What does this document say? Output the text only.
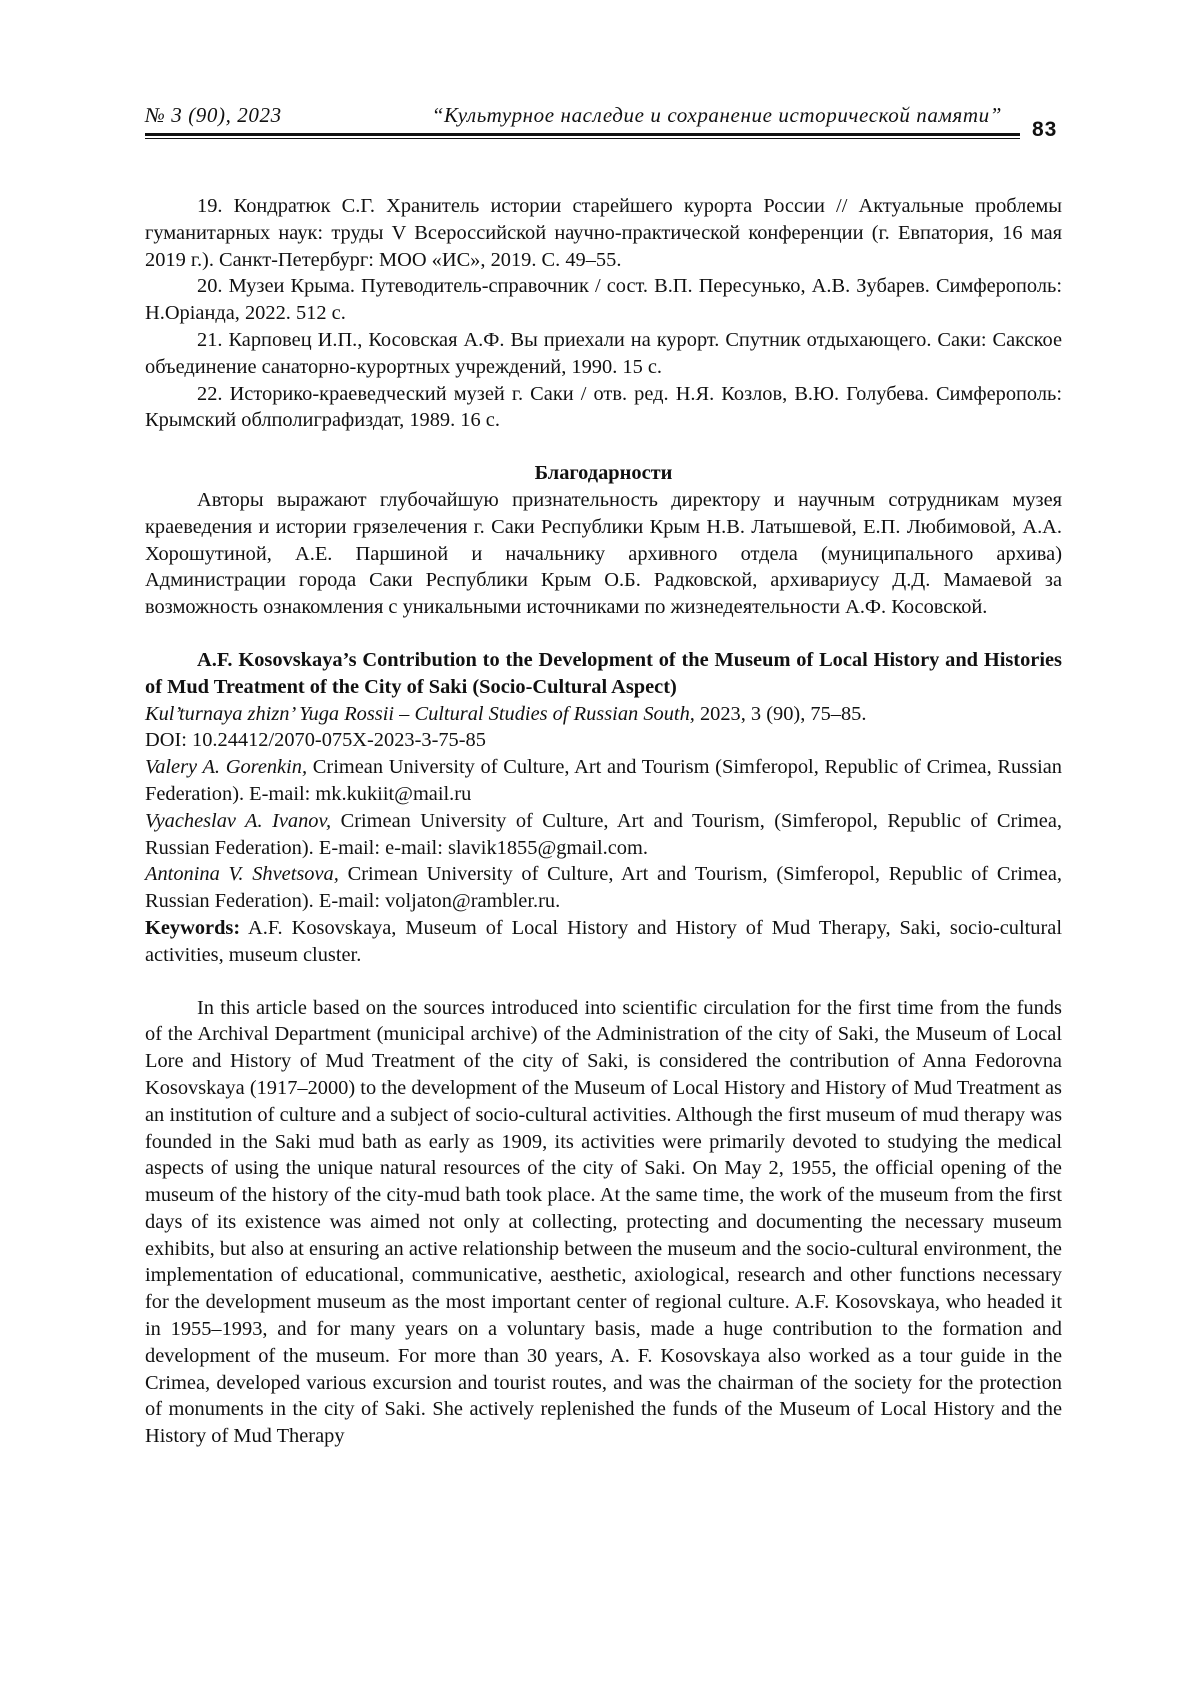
№ 3 (90), 2023	“Культурное наследие и сохранение исторической памяти”
83

19. Кондратюк С.Г. Хранитель истории старейшего курорта России // Актуальные проблемы гуманитарных наук: труды V Всероссийской научно-практической конференции (г. Евпатория, 16 мая 2019 г.). Санкт-Петербург: МОО «ИС», 2019. С. 49–55.

20. Музеи Крыма. Путеводитель-справочник / сост. В.П. Пересунько, А.В. Зубарев. Симферополь: Н.Орiанда, 2022. 512 с.

21. Карповец И.П., Косовская А.Ф. Вы приехали на курорт. Спутник отдыхающего. Саки: Сакское объединение санаторно-курортных учреждений, 1990. 15 с.

22. Историко-краеведческий музей г. Саки / отв. ред. Н.Я. Козлов, В.Ю. Голубева. Симферополь: Крымский облполиграфиздат, 1989. 16 с.

Благодарности

Авторы выражают глубочайшую признательность директору и научным сотрудникам музея краеведения и истории грязелечения г. Саки Республики Крым Н.В. Латышевой, Е.П. Любимовой, А.А. Хорошутиной, А.Е. Паршиной и начальнику архивного отдела (муниципального архива) Администрации города Саки Республики Крым О.Б. Радковской, архивариусу Д.Д. Мамаевой за возможность ознакомления с уникальными источниками по жизнедеятельности А.Ф. Косовской.

A.F. Kosovskaya’s Contribution to the Development of the Museum of Local History and Histories of Mud Treatment of the City of Saki (Socio-Cultural Aspect)

Kul’turnaya zhizn’ Yuga Rossii – Cultural Studies of Russian South, 2023, 3 (90), 75–85.

DOI: 10.24412/2070-075X-2023-3-75-85

Valery A. Gorenkin, Crimean University of Culture, Art and Tourism (Simferopol, Republic of Crimea, Russian Federation). E-mail: mk.kukiit@mail.ru

Vyacheslav A. Ivanov, Crimean University of Culture, Art and Tourism, (Simferopol, Republic of Crimea, Russian Federation). E-mail: e-mail: slavik1855@gmail.com.

Antonina V. Shvetsova, Crimean University of Culture, Art and Tourism, (Simferopol, Republic of Crimea, Russian Federation). E-mail: voljaton@rambler.ru.

Keywords: A.F. Kosovskaya, Museum of Local History and History of Mud Therapy, Saki, socio-cultural activities, museum cluster.

In this article based on the sources introduced into scientific circulation for the first time from the funds of the Archival Department (municipal archive) of the Administration of the city of Saki, the Museum of Local Lore and History of Mud Treatment of the city of Saki, is considered the contribution of Anna Fedorovna Kosovskaya (1917–2000) to the development of the Museum of Local History and History of Mud Treatment as an institution of culture and a subject of socio-cultural activities. Although the first museum of mud therapy was founded in the Saki mud bath as early as 1909, its activities were primarily devoted to studying the medical aspects of using the unique natural resources of the city of Saki. On May 2, 1955, the official opening of the museum of the history of the city-mud bath took place. At the same time, the work of the museum from the first days of its existence was aimed not only at collecting, protecting and documenting the necessary museum exhibits, but also at ensuring an active relationship between the museum and the socio-cultural environment, the implementation of educational, communicative, aesthetic, axiological, research and other functions necessary for the development museum as the most important center of regional culture. A.F. Kosovskaya, who headed it in 1955–1993, and for many years on a voluntary basis, made a huge contribution to the formation and development of the museum. For more than 30 years, A. F. Kosovskaya also worked as a tour guide in the Crimea, developed various excursion and tourist routes, and was the chairman of the society for the protection of monuments in the city of Saki. She actively replenished the funds of the Museum of Local History and the History of Mud Therapy
